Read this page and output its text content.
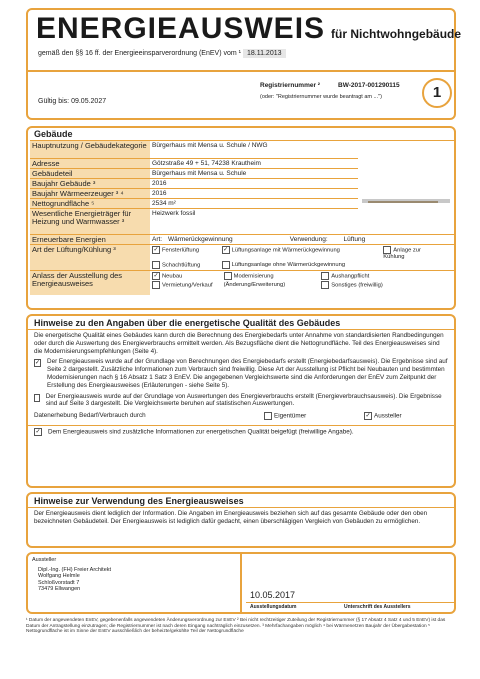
ENERGIEAUSWEIS für Nichtwohngebäude
gemäß den §§ 16 ff. der Energieeinsparverordnung (EnEV) vom ¹ 18.11.2013
Registriernummer ²	BW-2017-001290115
(oder: "Registriernummer wurde beantragt am ...")
Gültig bis: 09.05.2027
1
Gebäude
Hauptnutzung / Gebäudekategorie	Bürgerhaus mit Mensa u. Schule / NWG
Adresse	Götzstraße 49 + 51, 74238 Krautheim
Gebäudeteil	Bürgerhaus mit Mensa u. Schule
Baujahr Gebäude ³	2016
Baujahr Wärmeerzeuger ³ ⁴	2016
Nettogrundfläche ⁵	2534 m²
Wesentliche Energieträger für Heizung und Warmwasser ³	Heizwerk fossil
Erneuerbare Energien	Art: Wärmerückgewinnung Verwendung: Lüftung
Art der Lüftung/Kühlung ³	✓ Fensterlüftung ✓ Lüftungsanlage mit Wärmerückgewinnung Anlage zur Kühlung
Schachtlüftung Lüftungsanlage ohne Wärmerückgewinnung
Anlass der Ausstellung des Energieausweises	✓ Neubau
Vermietung/Verkauf Modernisierung (Änderung/Erweiterung) Aushangpflicht
Sonstiges (freiwillig)
Hinweise zu den Angaben über die energetische Qualität des Gebäudes
Die energetische Qualität eines Gebäudes kann durch die Berechnung des Energiebedarfs unter Annahme von standardisierten Randbedingungen oder durch die Auswertung des Energieverbrauchs ermittelt werden. Als Bezugsfläche dient die Nettogrundfläche. Teil des Energieausweises sind die Modernisierungsempfehlungen (Seite 4).
✓ Der Energieausweis wurde auf der Grundlage von Berechnungen des Energiebedarfs erstellt (Energiebedarfsausweis). Die Ergebnisse sind auf Seite 2 dargestellt. Zusätzliche Informationen zum Verbrauch sind freiwillig. Diese Art der Ausstellung ist Pflicht bei Neubauten und bestimmten Modernisierungen nach § 16 Absatz 1 Satz 3 EnEV. Die angegebenen Vergleichswerte sind die Anforderungen der EnEV zum Zeitpunkt der Erstellung des Energieausweises (Erläuterungen - siehe Seite 5).
Der Energieausweis wurde auf der Grundlage von Auswertungen des Energieverbrauchs erstellt (Energieverbrauchsausweis). Die Ergebnisse sind auf Seite 3 dargestellt. Die Vergleichswerte beruhen auf statistischen Auswertungen.
Datenerhebung Bedarf/Verbrauch durch	Eigentümer	✓ Aussteller
✓ Dem Energieausweis sind zusätzliche Informationen zur energetischen Qualität beigefügt (freiwillige Angabe).
Hinweise zur Verwendung des Energieausweises
Der Energieausweis dient lediglich der Information. Die Angaben im Energieausweis beziehen sich auf das gesamte Gebäude oder den oben bezeichneten Gebäudeteil. Der Energieausweis ist lediglich dafür gedacht, einen überschlägigen Vergleich von Gebäuden zu ermöglichen.
Aussteller
Dipl.-Ing. (FH) Freier Architekt
Wolfgang Helmle
Schloßvorstadt 7
73479 Ellwangen
10.05.2017
Ausstellungsdatum	Unterschrift des Ausstellers
¹ Datum der angewendeten EnEV, gegebenenfalls angewendeten Änderungsverordnung zur EnEV ² Bei nicht rechtzeitiger Zuteilung der Registriernummer (§ 17 Absatz 4 Satz 4 und 5 EnEV) ist das Datum der Antragstellung einzutragen; die Registriernummer ist nach deren Eingang nachträglich einzusetzen. ³ Mehrfachangaben möglich ⁴ bei Wärmenetzen Baujahr der Übergabestation ⁵ Nettogrundfläche ist im Sinne der EnEV ausschließlich der beheizte/gekühlte Teil der Nettogrundfläche
